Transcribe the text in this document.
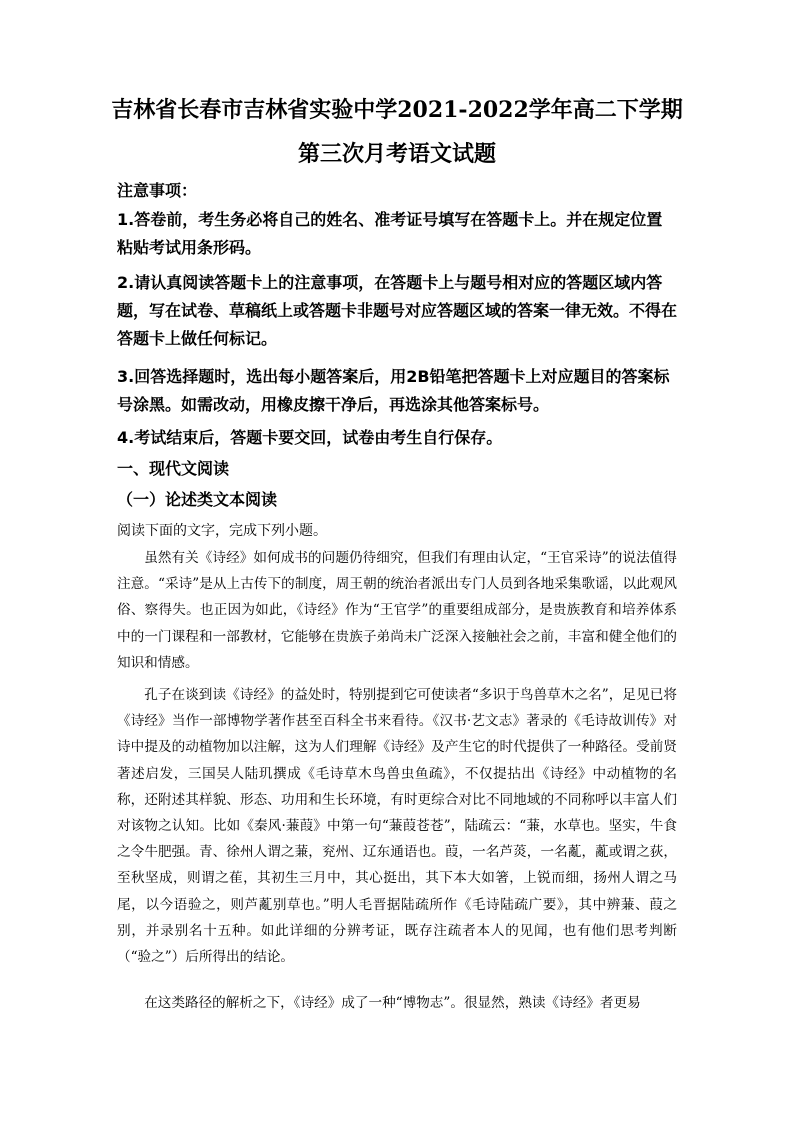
吉林省长春市吉林省实验中学2021-2022学年高二下学期
第三次月考语文试题

注意事项：

1.答卷前，考生务必将自己的姓名、准考证号填写在答题卡上。并在规定位置粘贴考试用条形码。

2.请认真阅读答题卡上的注意事项，在答题卡上与题号相对应的答题区域内答题，写在试卷、草稿纸上或答题卡非题号对应答题区域的答案一律无效。不得在答题卡上做任何标记。

3.回答选择题时，选出每小题答案后，用2B铅笔把答题卡上对应题目的答案标号涂黑。如需改动，用橡皮擦干净后，再选涂其他答案标号。

4.考试结束后，答题卡要交回，试卷由考生自行保存。

一、现代文阅读

（一）论述类文本阅读

阅读下面的文字，完成下列小题。

虽然有关《诗经》如何成书的问题仍待细究，但我们有理由认定，“王官采诗”的说法值得注意。“采诗”是从上古传下的制度，周王朝的统治者派出专门人员到各地采集歌谣，以此观风俗、察得失。也正因为如此，《诗经》作为“王官学”的重要组成部分，是贵族教育和培养体系中的一门课程和一部教材，它能够在贵族子弟尚未广泛深入接触社会之前，丰富和健全他们的知识和情感。

孔子在谈到读《诗经》的益处时，特别提到它可使读者“多识于鸟兽草木之名”，足见已将《诗经》当作一部博物学著作甚至百科全书来看待。《汉书·艺文志》著录的《毛诗故训传》对诗中提及的动植物加以注解，这为人们理解《诗经》及产生它的时代提供了一种路径。受前贤著述启发，三国吴人陆玑撰成《毛诗草木鸟兽虫鱼疏》，不仅提拈出《诗经》中动植物的名称，还附述其样貌、形态、功用和生长环境，有时更综合对比不同地域的不同称呼以丰富人们对该物之认知。比如《秦风·蒹葭》中第一句“蒹葭苍苍”，陆疏云：“蒹，水草也。坚实，牛食之令牛肥强。青、徐州人谓之蒹，兖州、辽东通语也。葭，一名芦菼，一名薍，薍或谓之荻，至秋坚成，则谓之萑，其初生三月中，其心挺出，其下本大如箸，上锐而细，扬州人谓之马尾，以今语验之，则芦薍别草也。”明人毛晋据陆疏所作《毛诗陆疏广要》，其中辨蒹、葭之别，并录别名十五种。如此详细的分辨考证，既存注疏者本人的见闻，也有他们思考判断（“验之”）后所得出的结论。

在这类路径的解析之下，《诗经》成了一种“博物志”。很显然，熟读《诗经》者更易
